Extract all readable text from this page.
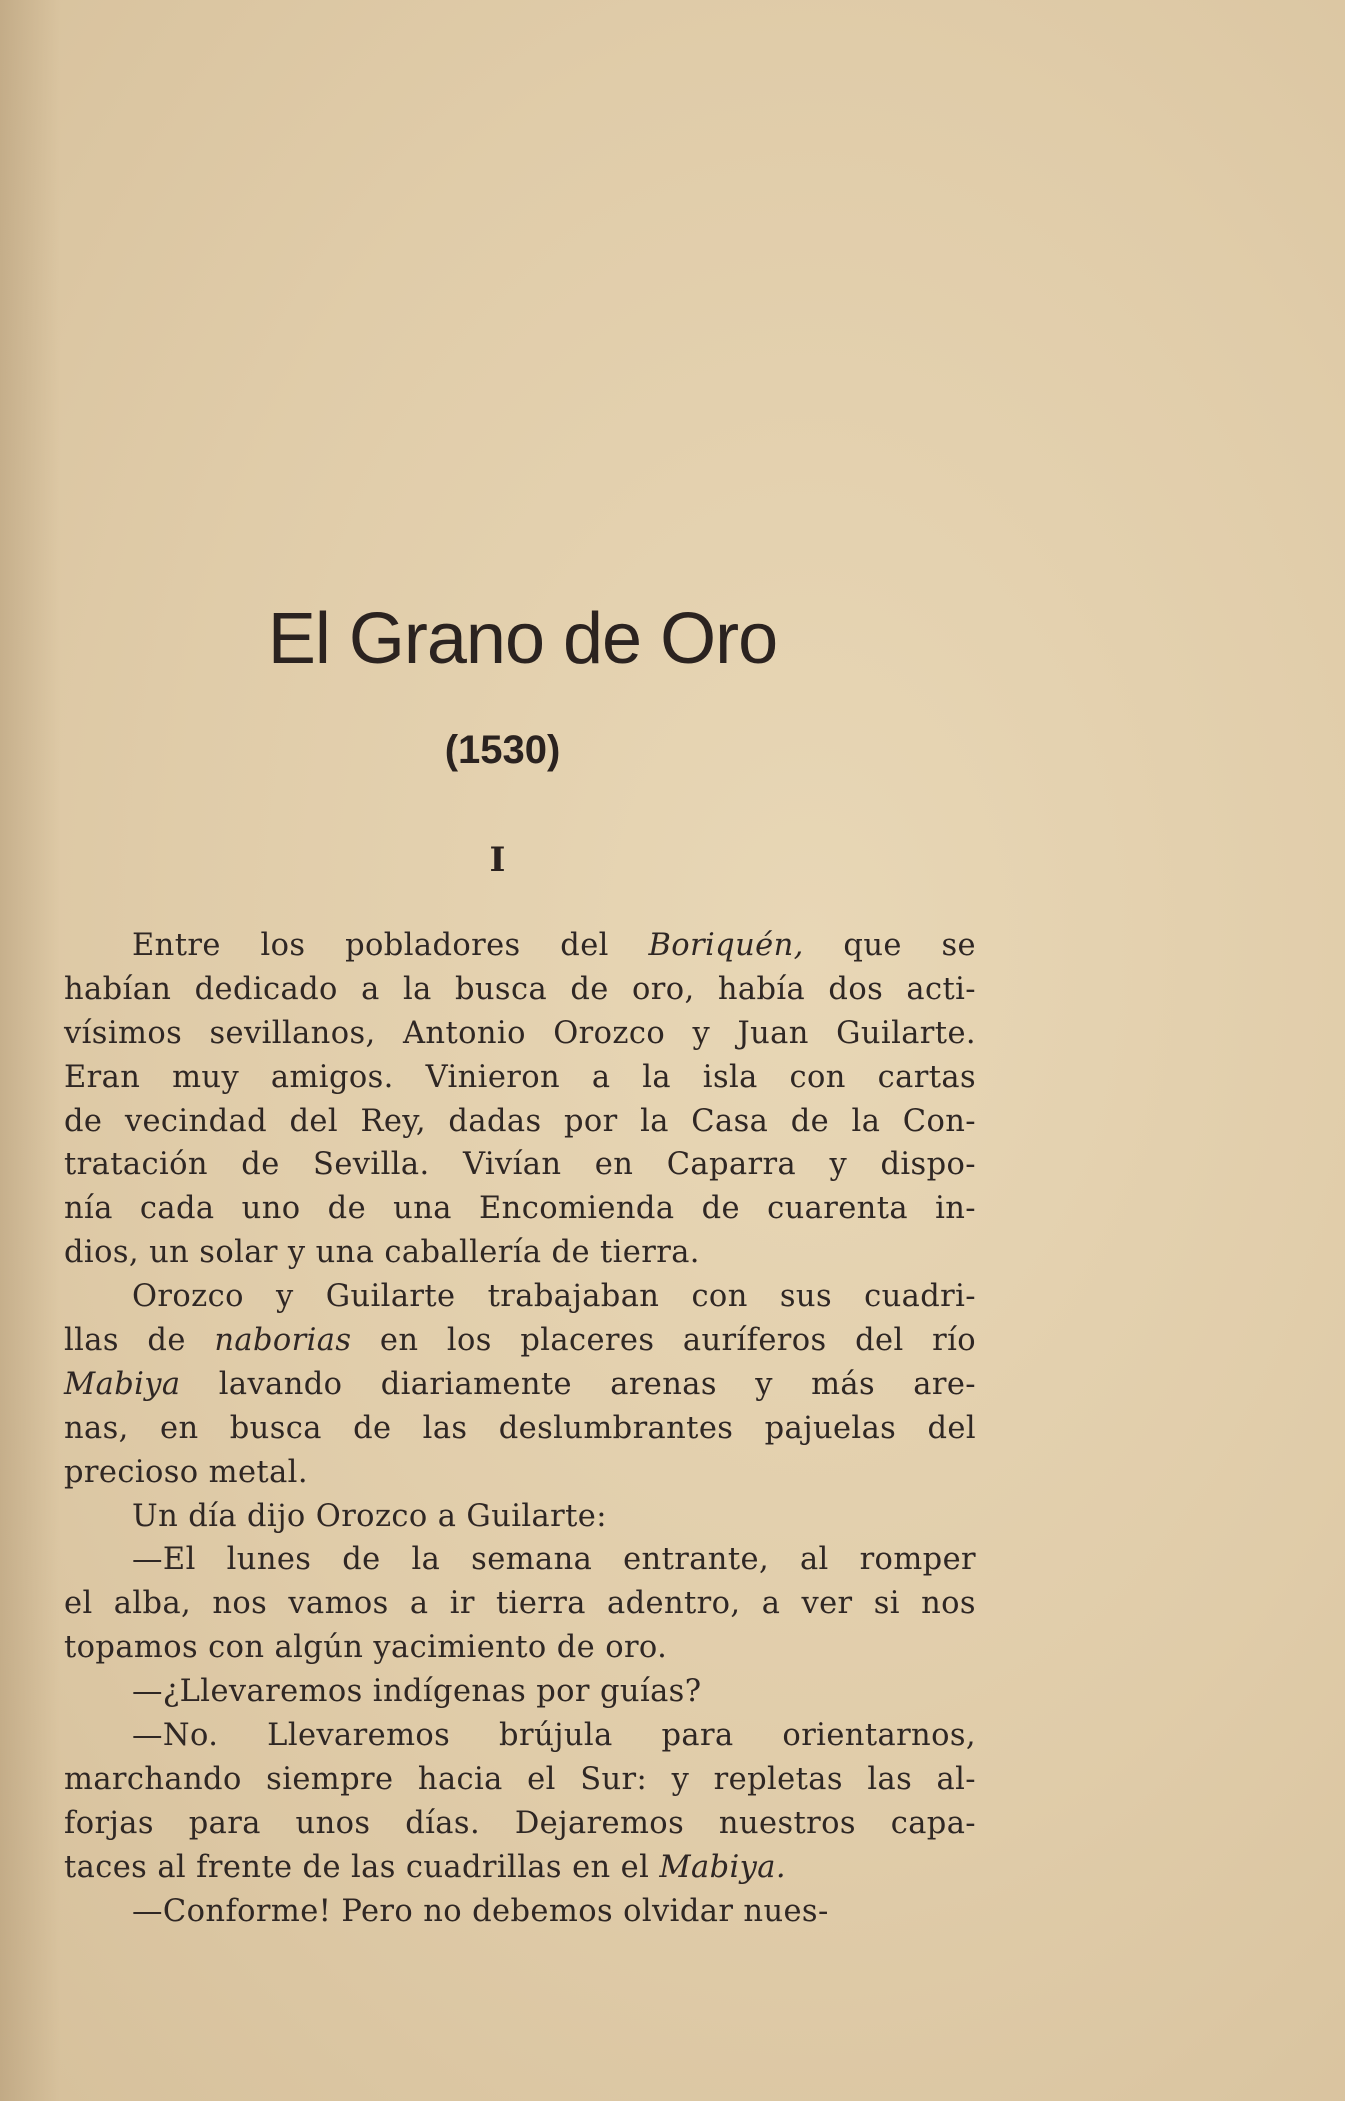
El Grano de Oro
(1530)
I
Entre los pobladores del Boriquén, que se
habían dedicado a la busca de oro, había dos acti-
vísimos sevillanos, Antonio Orozco y Juan Guilarte.
Eran muy amigos. Vinieron a la isla con cartas
de vecindad del Rey, dadas por la Casa de la Con-
tratación de Sevilla. Vivían en Caparra y dispo-
nía cada uno de una Encomienda de cuarenta in-
dios, un solar y una caballería de tierra.
Orozco y Guilarte trabajaban con sus cuadri-
llas de naborias en los placeres auríferos del río
Mabiya lavando diariamente arenas y más are-
nas, en busca de las deslumbrantes pajuelas del
precioso metal.
Un día dijo Orozco a Guilarte:
—El lunes de la semana entrante, al romper
el alba, nos vamos a ir tierra adentro, a ver si nos
topamos con algún yacimiento de oro.
—¿Llevaremos indígenas por guías?
—No. Llevaremos brújula para orientarnos,
marchando siempre hacia el Sur: y repletas las al-
forjas para unos días. Dejaremos nuestros capa-
taces al frente de las cuadrillas en el Mabiya.
—Conforme! Pero no debemos olvidar nues-
